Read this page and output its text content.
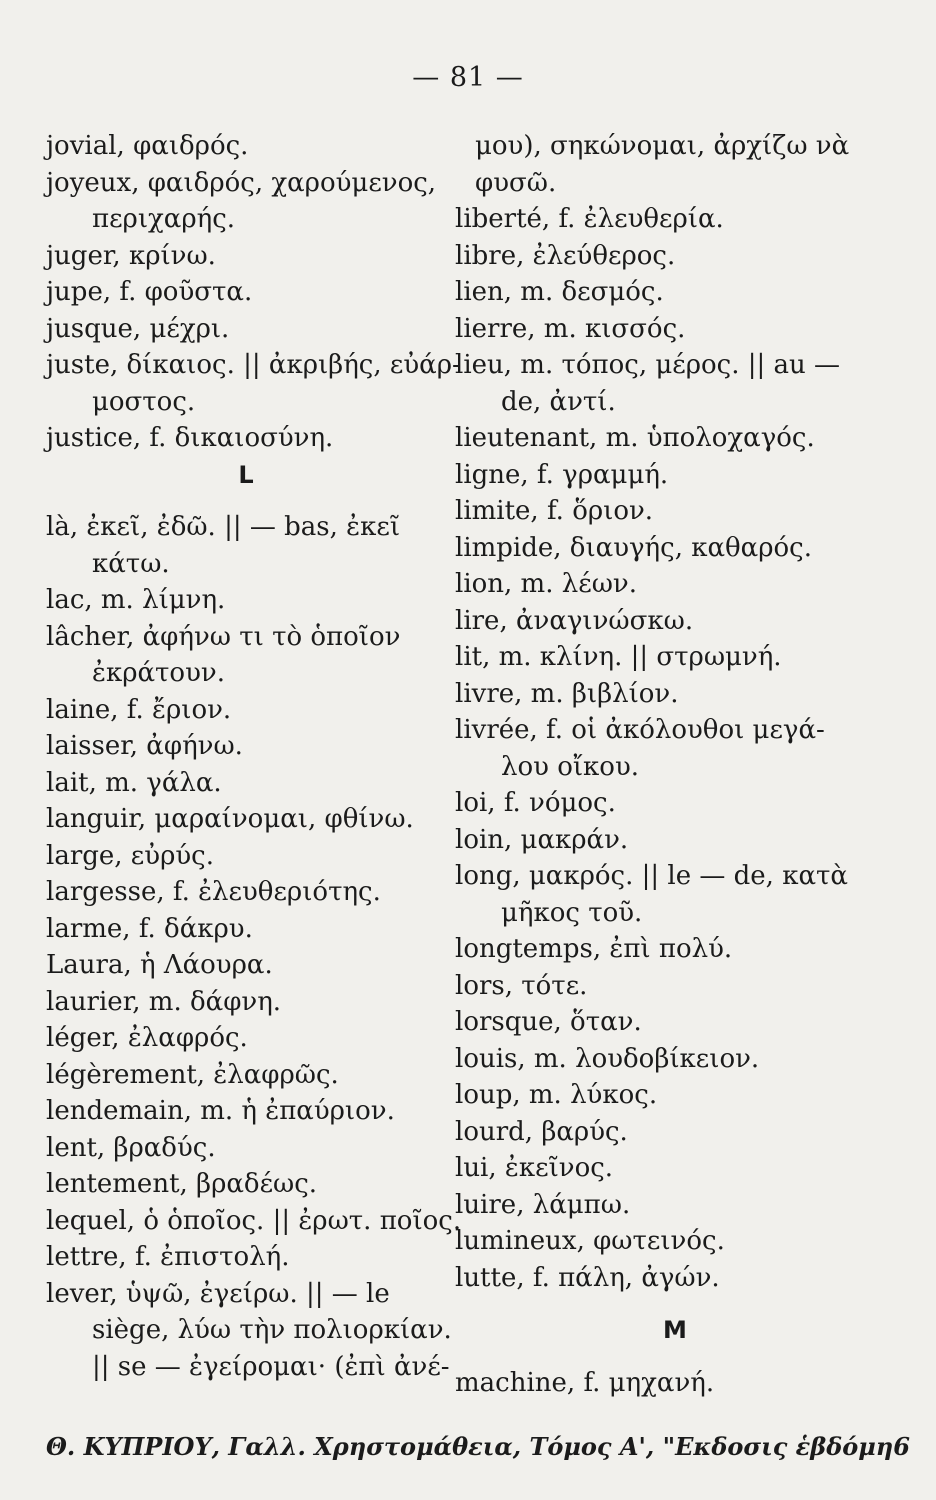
— 81 —
jovial, φαιδρός.
joyeux, φαιδρός, χαρούμενος,
περιχαρής.
juger, κρίνω.
jupe, f. φοῦστα.
jusque, μέχρι.
juste, δίκαιος. || ἀκριβής, εὐάρ-
μοστος.
justice, f. δικαιοσύνη.
L
là, ἐκεῖ, ἐδῶ. || — bas, ἐκεῖ
κάτω.
lac, m. λίμνη.
lâcher, ἀφήνω τι τὸ ὁποῖον
ἐκράτουν.
laine, f. ἔριον.
laisser, ἀφήνω.
lait, m. γάλα.
languir, μαραίνομαι, φθίνω.
large, εὐρύς.
largesse, f. ἐλευθεριότης.
larme, f. δάκρυ.
Laura, ἡ Λάουρα.
laurier, m. δάφνη.
léger, ἐλαφρός.
légèrement, ἐλαφρῶς.
lendemain, m. ἡ ἐπαύριον.
lent, βραδύς.
lentement, βραδέως.
lequel, ὁ ὁποῖος. || ἐρωτ. ποῖος.
lettre, f. ἐπιστολή.
lever, ὑψῶ, ἐγείρω. || — le
siège, λύω τὴν πολιορκίαν.
|| se — ἐγείρομαι· (ἐπὶ ἀνέ-
μου), σηκώνομαι, ἀρχίζω νὰ
φυσῶ.
liberté, f. ἐλευθερία.
libre, ἐλεύθερος.
lien, m. δεσμός.
lierre, m. κισσός.
lieu, m. τόπος, μέρος. || au —
de, ἀντί.
lieutenant, m. ὑπολοχαγός.
ligne, f. γραμμή.
limite, f. ὅριον.
limpide, διαυγής, καθαρός.
lion, m. λέων.
lire, ἀναγινώσκω.
lit, m. κλίνη. || στρωμνή.
livre, m. βιβλίον.
livrée, f. οἱ ἀκόλουθοι μεγά-
λου οἴκου.
loi, f. νόμος.
loin, μακράν.
long, μακρός. || le — de, κατὰ
μῆκος τοῦ.
longtemps, ἐπὶ πολύ.
lors, τότε.
lorsque, ὅταν.
louis, m. λουδοβίκειον.
loup, m. λύκος.
lourd, βαρύς.
lui, ἐκεῖνος.
luire, λάμπω.
lumineux, φωτεινός.
lutte, f. πάλη, ἀγών.
M
machine, f. μηχανή.
Θ. ΚΥΠΡΙΟΥ, Γαλλ. Χρηστομάθεια, Τόμος Α', "Εκδοσις ἑβδόμη 6
